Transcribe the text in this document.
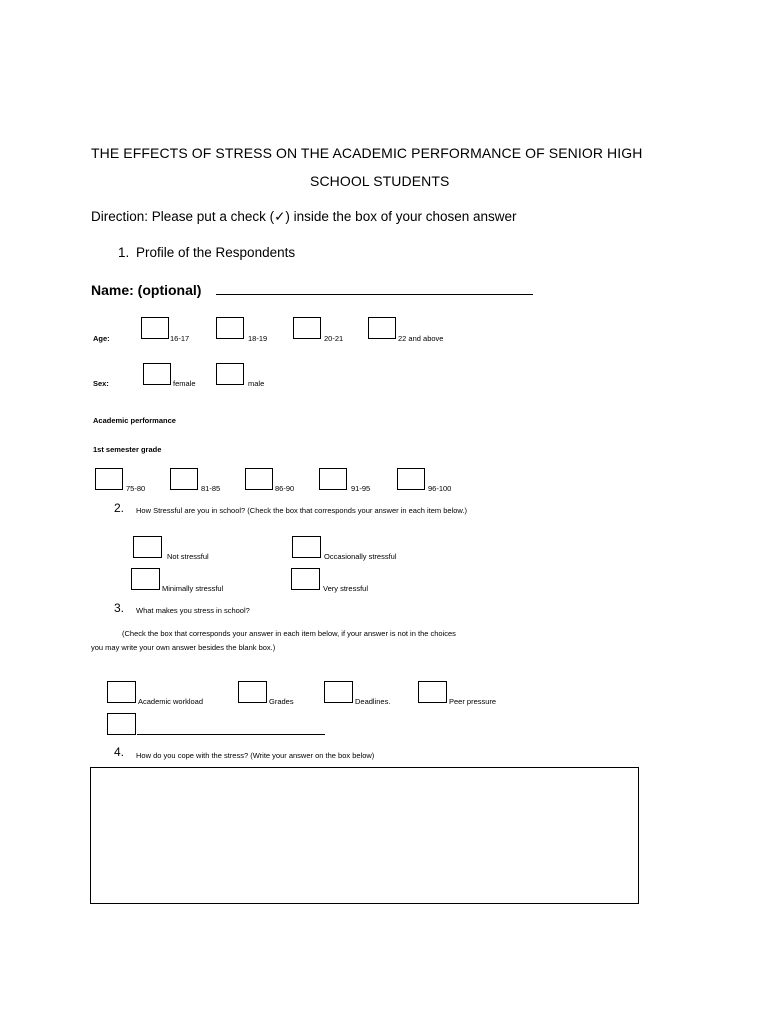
THE EFFECTS OF STRESS ON THE ACADEMIC PERFORMANCE OF SENIOR HIGH
SCHOOL STUDENTS
Direction: Please put a check (✓) inside the box of your chosen answer
1. Profile of the Respondents
Name: (optional)
Age:	16-17	18-19	20-21	22 and above
Sex:	female	male
Academic performance
1st semester grade
75-80	81-85	86-90	91-95	96-100
2. How Stressful are you in school? (Check the box that corresponds your answer in each item below.)
Not stressful	Occasionally stressful
Minimally stressful	Very stressful
3. What makes you stress in school?
(Check the box that corresponds your answer in each item below, if your answer is not in the choices
you may write your own answer besides the blank box.)
Academic workload	Grades	Deadlines.	Peer pressure
4. How do you cope with the stress? (Write your answer on the box below)
